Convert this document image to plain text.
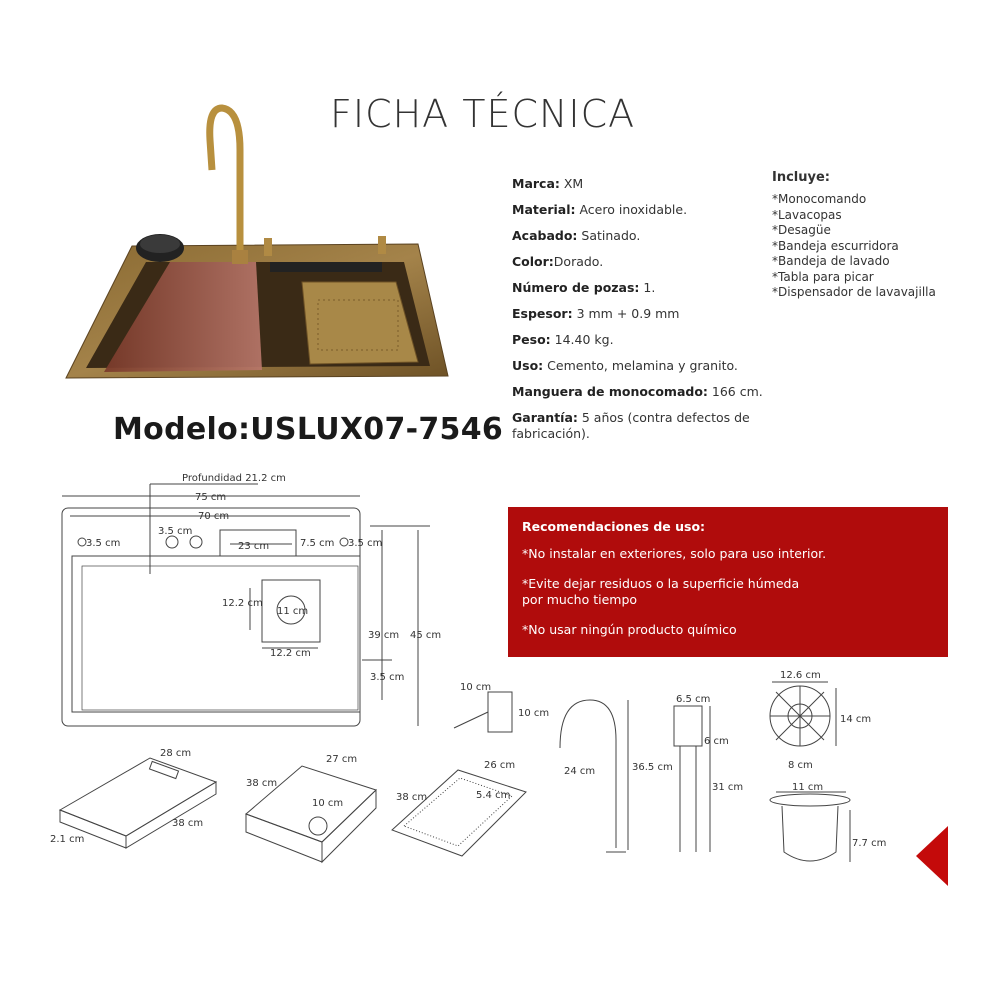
FICHA TÉCNICA
Modelo:USLUX07-7546
Marca: XM
Material: Acero inoxidable.
Acabado: Satinado.
Color:Dorado.
Número de pozas: 1.
Espesor: 3 mm + 0.9 mm
Peso: 14.40 kg.
Uso: Cemento, melamina y granito.
Manguera de monocomado: 166 cm.
Garantía: 5 años (contra defectos de fabricación).
Incluye:
*Monocomando
*Lavacopas
*Desagüe
*Bandeja escurridora
*Bandeja de lavado
*Tabla para picar
*Dispensador de lavavajilla
Recomendaciones de uso:
*No instalar en exteriores, solo para uso interior.
*Evite dejar residuos o la superficie húmeda por mucho tiempo
*No usar ningún producto químico
Profundidad 21.2 cm
75 cm
70 cm
3.5 cm
3.5 cm
3.5 cm
23 cm	7.5 cm
11 cm
12.2 cm
12.2 cm
39 cm 45 cm
3.5 cm
28 cm
38 cm
2.1 cm
27 cm
38 cm
10 cm
26 cm
38 cm	5.4 cm
10 cm
10 cm
24 cm	36.5 cm
6.5 cm
6 cm
31 cm
12.6 cm
14 cm
8 cm
11 cm
7.7 cm
